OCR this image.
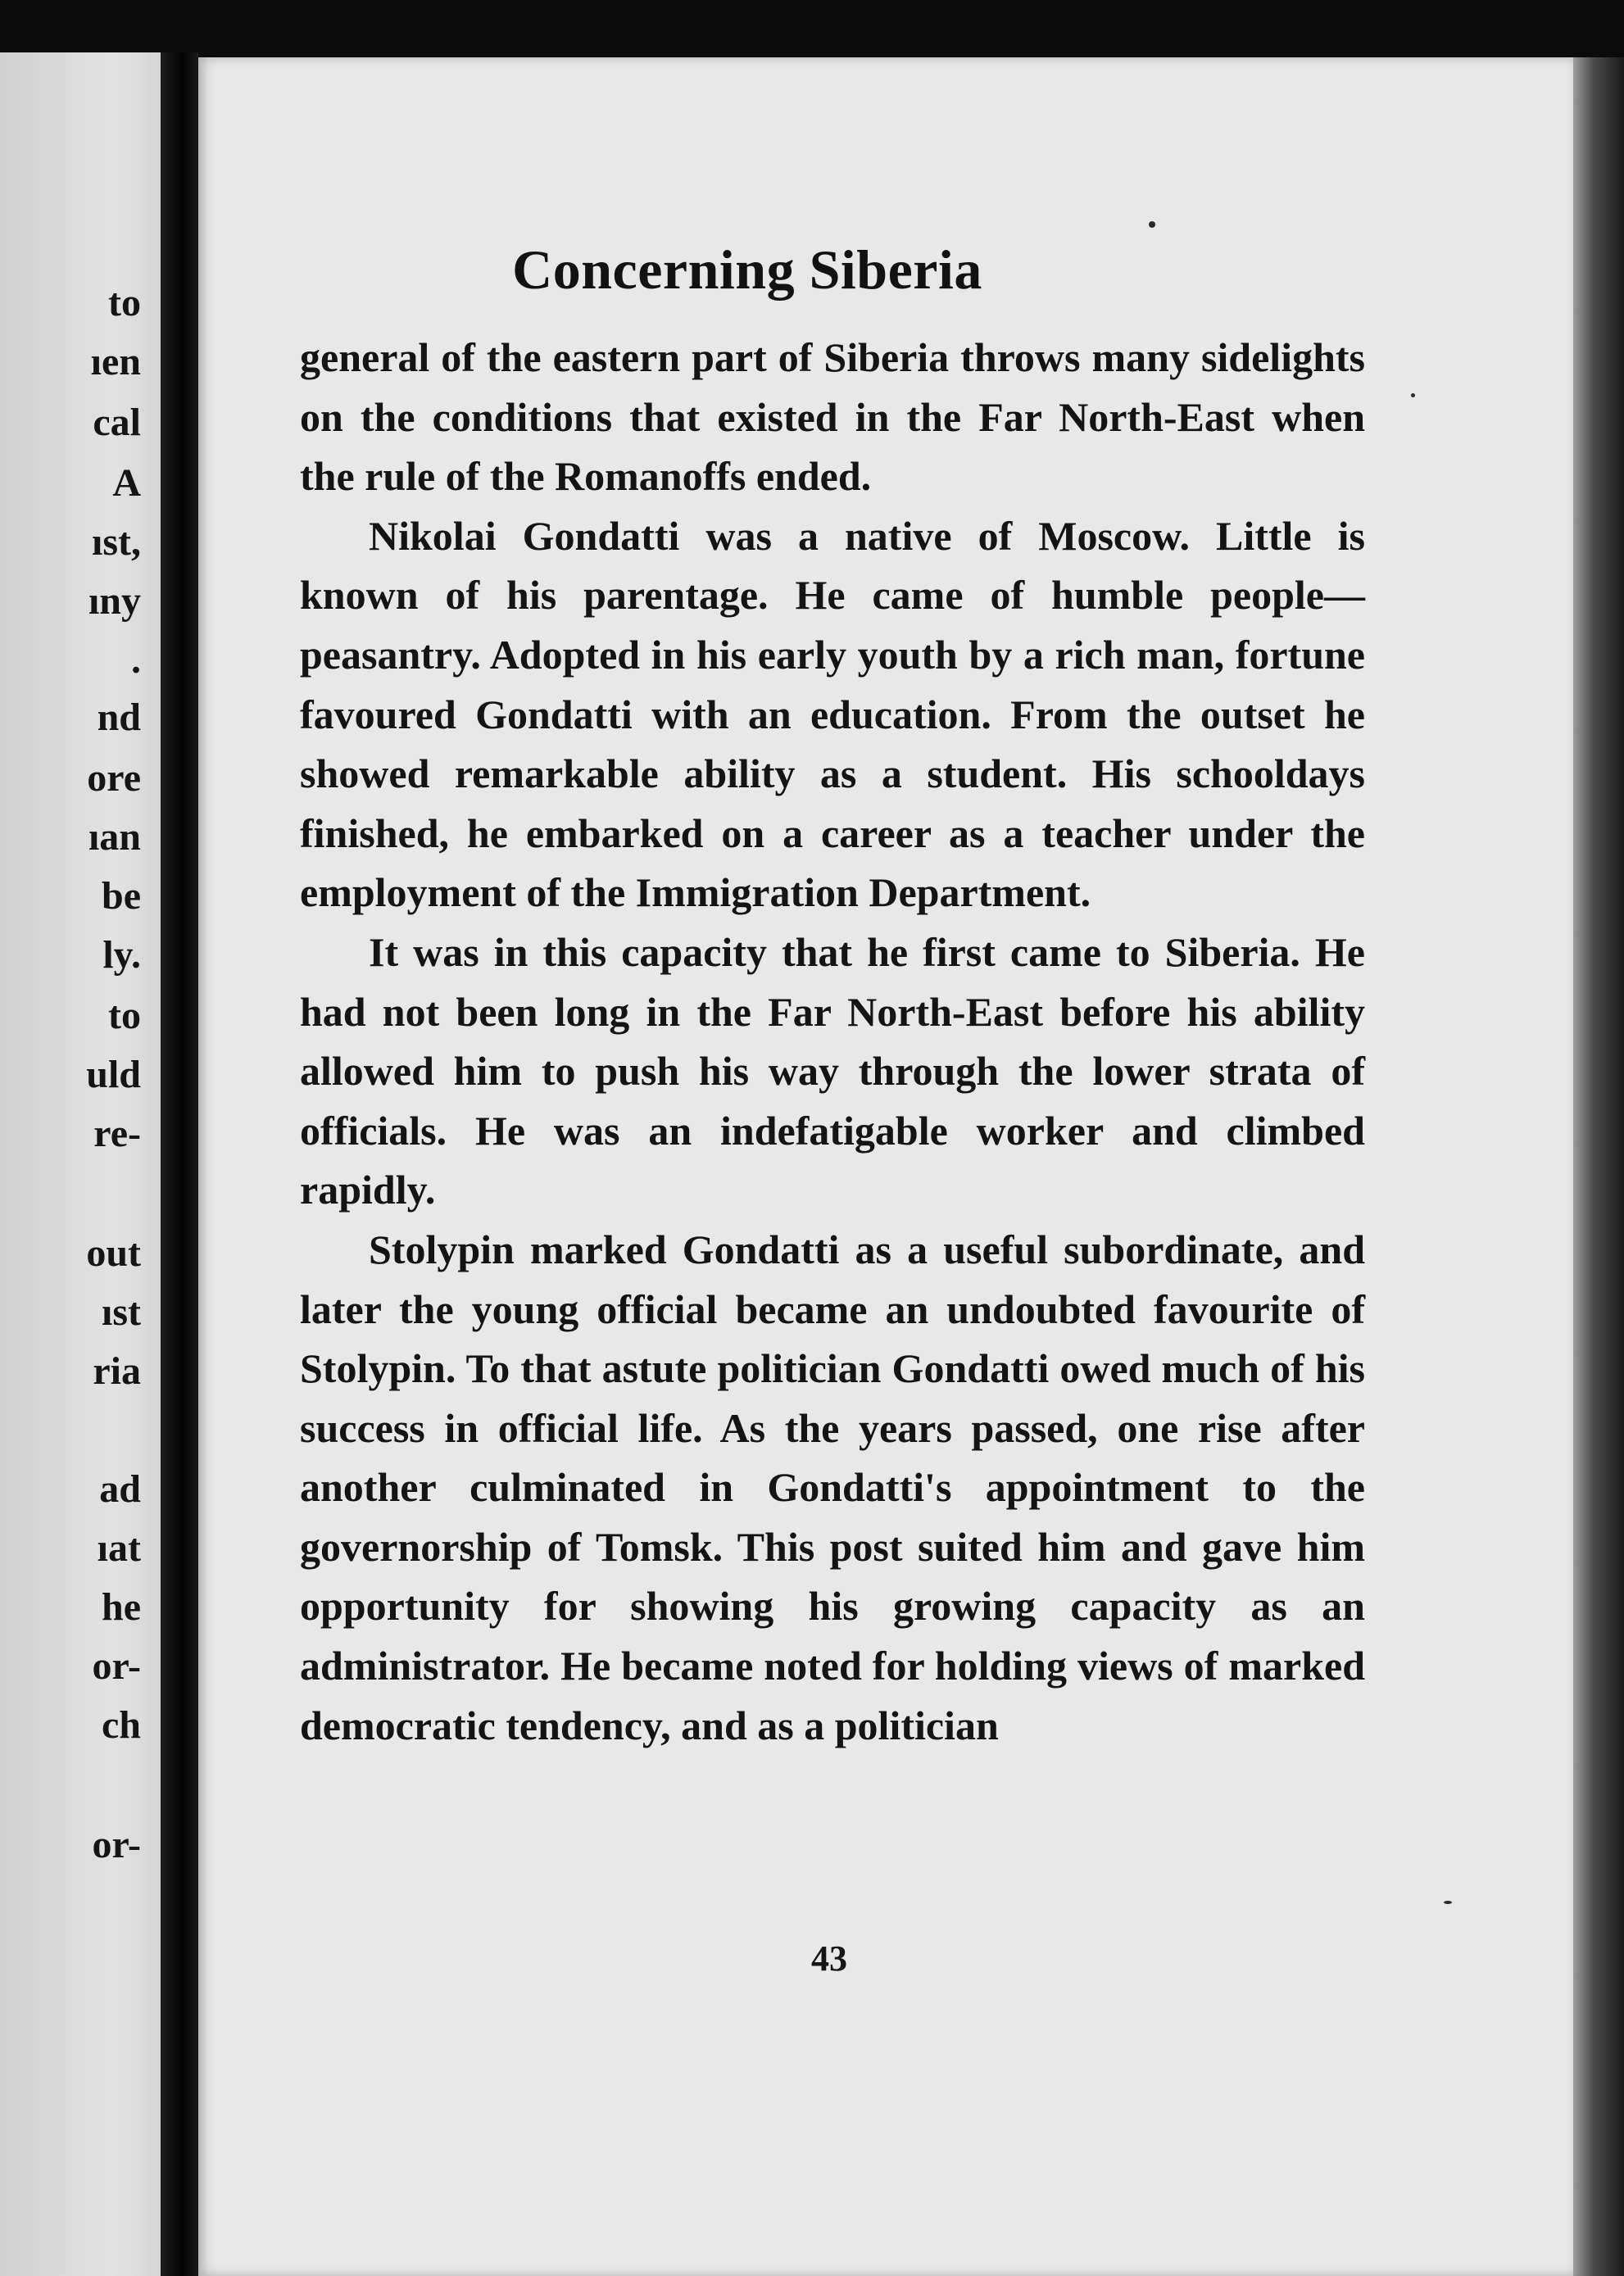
to
ıen
cal
A
ıst,
ıny
.
nd
ore
ıan
be
ly.
to
uld
re-
out
ıst
ria
ad
ıat
he
or-
ch
or-
Concerning Siberia

general of the eastern part of Siberia throws many sidelights on the conditions that existed in the Far North-East when the rule of the Romanoffs ended.

Nikolai Gondatti was a native of Moscow. Little is known of his parentage. He came of humble people—peasantry. Adopted in his early youth by a rich man, fortune favoured Gondatti with an education. From the outset he showed remarkable ability as a student. His schooldays finished, he embarked on a career as a teacher under the employment of the Immigration Department.

It was in this capacity that he first came to Siberia. He had not been long in the Far North-East before his ability allowed him to push his way through the lower strata of officials. He was an indefatigable worker and climbed rapidly.

Stolypin marked Gondatti as a useful subordinate, and later the young official became an undoubted favourite of Stolypin. To that astute politician Gondatti owed much of his success in official life. As the years passed, one rise after another culminated in Gondatti's appointment to the governorship of Tomsk. This post suited him and gave him opportunity for showing his growing capacity as an administrator. He became noted for holding views of marked democratic tendency, and as a politician

43
